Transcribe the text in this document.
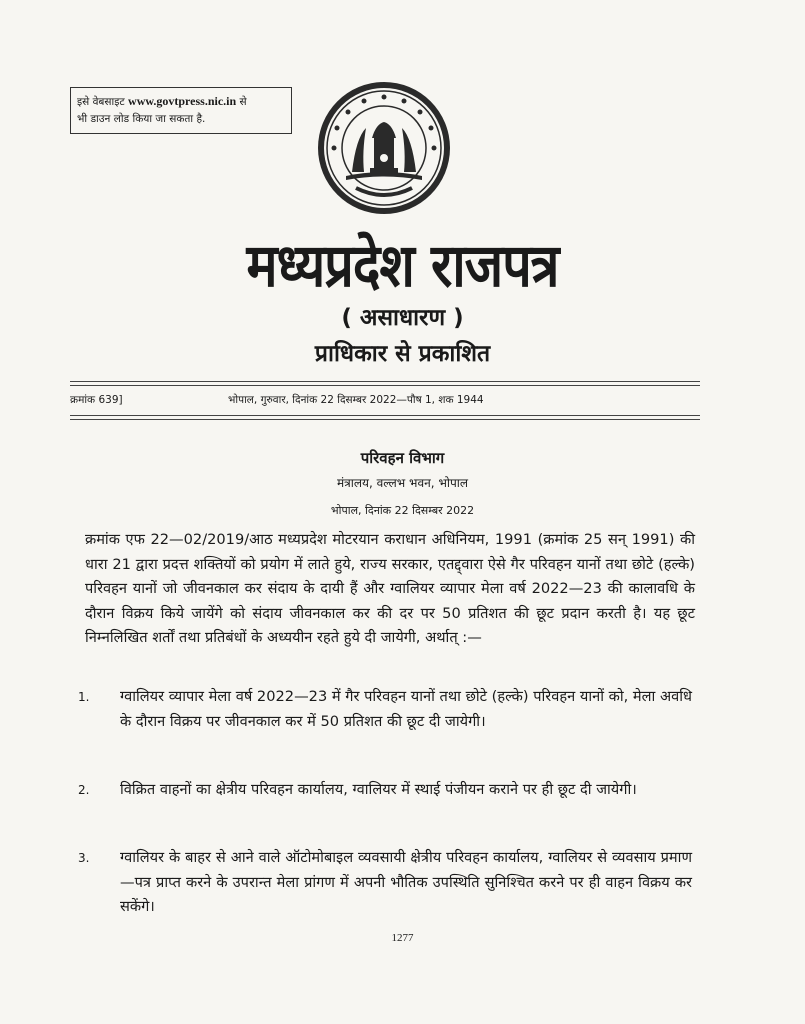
इसे वेबसाइट www.govtpress.nic.in से
भी डाउन लोड किया जा सकता है.
मध्यप्रदेश राजपत्र
( असाधारण )
प्राधिकार से प्रकाशित
क्रमांक 639]	भोपाल, गुरुवार, दिनांक 22 दिसम्बर 2022—पौष 1, शक 1944
परिवहन विभाग
मंत्रालय, वल्लभ भवन, भोपाल
भोपाल, दिनांक 22 दिसम्बर 2022

क्रमांक एफ 22—02/2019/आठ मध्यप्रदेश मोटरयान कराधान अधिनियम, 1991 (क्रमांक 25 सन् 1991) की धारा 21 द्वारा प्रदत्त शक्तियों को प्रयोग में लाते हुये, राज्य सरकार, एतद्द्वारा ऐसे गैर परिवहन यानों तथा छोटे (हल्के) परिवहन यानों जो जीवनकाल कर संदाय के दायी हैं और ग्वालियर व्यापार मेला वर्ष 2022—23 की कालावधि के दौरान विक्रय किये जायेंगे को संदाय जीवनकाल कर की दर पर 50 प्रतिशत की छूट प्रदान करती है। यह छूट निम्नलिखित शर्तों तथा प्रतिबंधों के अध्ययीन रहते हुये दी जायेगी, अर्थात् :—

1.	ग्वालियर व्यापार मेला वर्ष 2022—23 में गैर परिवहन यानों तथा छोटे (हल्के) परिवहन यानों को, मेला अवधि के दौरान विक्रय पर जीवनकाल कर में 50 प्रतिशत की छूट दी जायेगी।
2.	विक्रित वाहनों का क्षेत्रीय परिवहन कार्यालय, ग्वालियर में स्थाई पंजीयन कराने पर ही छूट दी जायेगी।
3.	ग्वालियर के बाहर से आने वाले ऑटोमोबाइल व्यवसायी क्षेत्रीय परिवहन कार्यालय, ग्वालियर से व्यवसाय प्रमाण—पत्र प्राप्त करने के उपरान्त मेला प्रांगण में अपनी भौतिक उपस्थिति सुनिश्चित करने पर ही वाहन विक्रय कर सकेंगे।
1277
